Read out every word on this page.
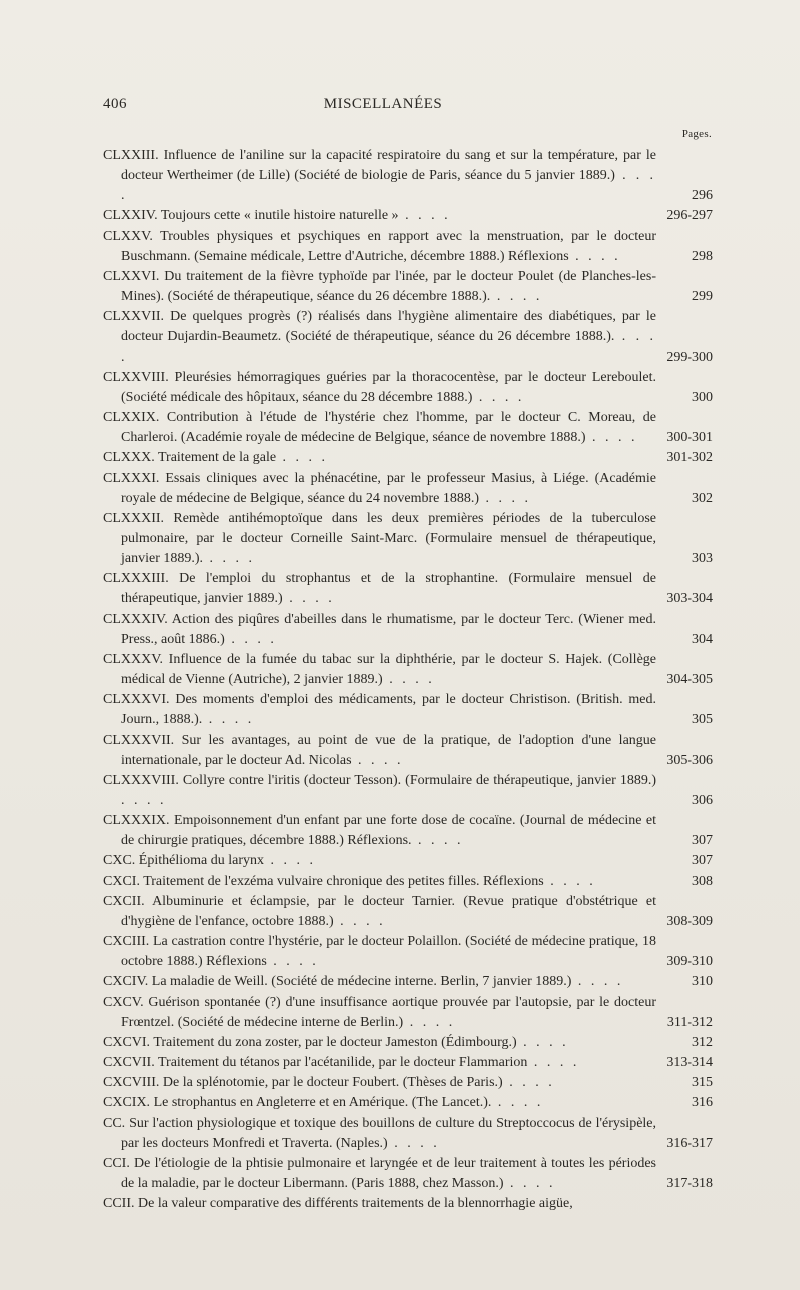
406	MISCELLANÉES
Pages.
CLXXIII. Influence de l'aniline sur la capacité respiratoire du sang et sur la température, par le docteur Wertheimer (de Lille) (Société de biologie de Paris, séance du 5 janvier 1889.) . . . .	296
CLXXIV. Toujours cette « inutile histoire naturelle » . . . .	296-297
CLXXV. Troubles physiques et psychiques en rapport avec la menstruation, par le docteur Buschmann. (Semaine médicale, Lettre d'Autriche, décembre 1888.) Réflexions . . . .	298
CLXXVI. Du traitement de la fièvre typhoïde par l'inée, par le docteur Poulet (de Planches-les-Mines). (Société de thérapeutique, séance du 26 décembre 1888.). . . . .	299
CLXXVII. De quelques progrès (?) réalisés dans l'hygiène alimentaire des diabétiques, par le docteur Dujardin-Beaumetz. (Société de thérapeutique, séance du 26 décembre 1888.). . . . .	299-300
CLXXVIII. Pleurésies hémorragiques guéries par la thoracocentèse, par le docteur Lereboulet. (Société médicale des hôpitaux, séance du 28 décembre 1888.) . . . .	300
CLXXIX. Contribution à l'étude de l'hystérie chez l'homme, par le docteur C. Moreau, de Charleroi. (Académie royale de médecine de Belgique, séance de novembre 1888.) . . . .	300-301
CLXXX. Traitement de la gale . . . .	301-302
CLXXXI. Essais cliniques avec la phénacétine, par le professeur Masius, à Liége. (Académie royale de médecine de Belgique, séance du 24 novembre 1888.) . . . .	302
CLXXXII. Remède antihémoptoïque dans les deux premières périodes de la tuberculose pulmonaire, par le docteur Corneille Saint-Marc. (Formulaire mensuel de thérapeutique, janvier 1889.). . . . .	303
CLXXXIII. De l'emploi du strophantus et de la strophantine. (Formulaire mensuel de thérapeutique, janvier 1889.) . . . .	303-304
CLXXXIV. Action des piqûres d'abeilles dans le rhumatisme, par le docteur Terc. (Wiener med. Press., août 1886.) . . . .	304
CLXXXV. Influence de la fumée du tabac sur la diphthérie, par le docteur S. Hajek. (Collège médical de Vienne (Autriche), 2 janvier 1889.) . . . .	304-305
CLXXXVI. Des moments d'emploi des médicaments, par le docteur Christison. (British. med. Journ., 1888.). . . . .	305
CLXXXVII. Sur les avantages, au point de vue de la pratique, de l'adoption d'une langue internationale, par le docteur Ad. Nicolas . . . .	305-306
CLXXXVIII. Collyre contre l'iritis (docteur Tesson). (Formulaire de thérapeutique, janvier 1889.) . . . .	306
CLXXXIX. Empoisonnement d'un enfant par une forte dose de cocaïne. (Journal de médecine et de chirurgie pratiques, décembre 1888.) Réflexions. . . . .	307
CXC. Épithélioma du larynx . . . .	307
CXCI. Traitement de l'exzéma vulvaire chronique des petites filles. Réflexions . . . .	308
CXCII. Albuminurie et éclampsie, par le docteur Tarnier. (Revue pratique d'obstétrique et d'hygiène de l'enfance, octobre 1888.) . . . .	308-309
CXCIII. La castration contre l'hystérie, par le docteur Polaillon. (Société de médecine pratique, 18 octobre 1888.) Réflexions . . . .	309-310
CXCIV. La maladie de Weill. (Société de médecine interne. Berlin, 7 janvier 1889.) . . . .	310
CXCV. Guérison spontanée (?) d'une insuffisance aortique prouvée par l'autopsie, par le docteur Frœntzel. (Société de médecine interne de Berlin.) . . . .	311-312
CXCVI. Traitement du zona zoster, par le docteur Jameston (Édimbourg.) . . . .	312
CXCVII. Traitement du tétanos par l'acétanilide, par le docteur Flammarion . . . .	313-314
CXCVIII. De la splénotomie, par le docteur Foubert. (Thèses de Paris.) . . . .	315
CXCIX. Le strophantus en Angleterre et en Amérique. (The Lancet.). . . . .	316
CC. Sur l'action physiologique et toxique des bouillons de culture du Streptoccocus de l'érysipèle, par les docteurs Monfredi et Traverta. (Naples.) . . . .	316-317
CCI. De l'étiologie de la phtisie pulmonaire et laryngée et de leur traitement à toutes les périodes de la maladie, par le docteur Libermann. (Paris 1888, chez Masson.) . . . .	317-318
CCII. De la valeur comparative des différents traitements de la blennorrhagie aigüe,
